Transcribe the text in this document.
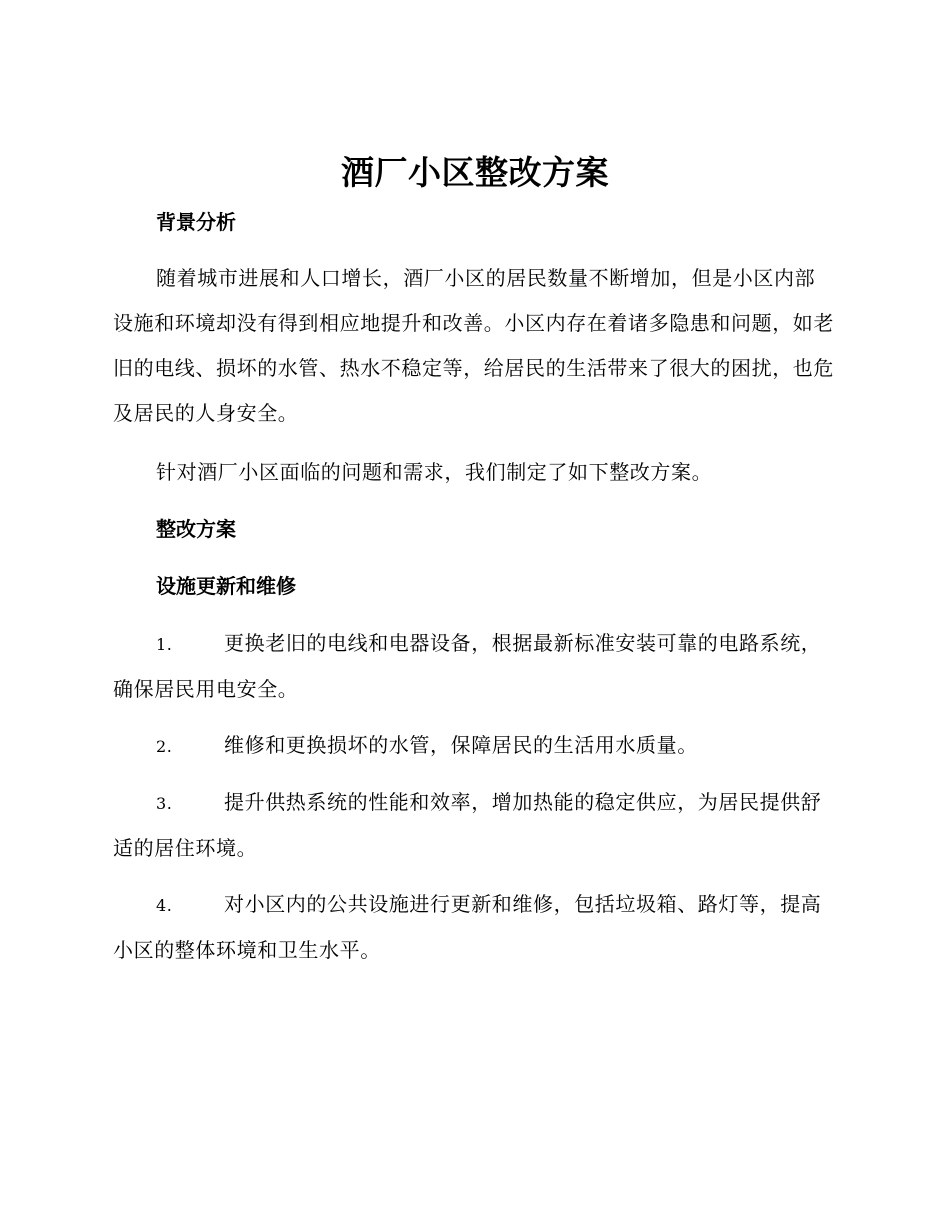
酒厂小区整改方案
背景分析

随着城市进展和人口增长，酒厂小区的居民数量不断增加，但是小区内部设施和环境却没有得到相应地提升和改善。小区内存在着诸多隐患和问题，如老旧的电线、损坏的水管、热水不稳定等，给居民的生活带来了很大的困扰，也危及居民的人身安全。

针对酒厂小区面临的问题和需求，我们制定了如下整改方案。

整改方案
设施更新和维修

1.	更换老旧的电线和电器设备，根据最新标准安装可靠的电路系统，确保居民用电安全。

2.	维修和更换损坏的水管，保障居民的生活用水质量。

3.	提升供热系统的性能和效率，增加热能的稳定供应，为居民提供舒适的居住环境。

4.	对小区内的公共设施进行更新和维修，包括垃圾箱、路灯等，提高小区的整体环境和卫生水平。
